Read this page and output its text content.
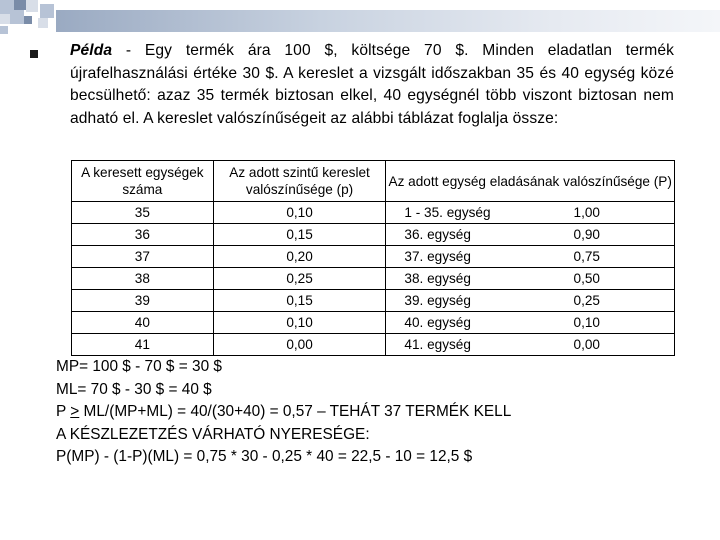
Példa - Egy termék ára 100 $, költsége 70 $. Minden eladatlan termék újrafelhasználási értéke 30 $. A kereslet a vizsgált időszakban 35 és 40 egység közé becsülhető: azaz 35 termék biztosan elkel, 40 egységnél több viszont biztosan nem adható el. A kereslet valószínűségeit az alábbi táblázat foglalja össze:
A keresett egységek száma	Az adott szintű kereslet valószínűsége (p)	Az adott egység eladásának valószínűsége (P)	
35	0,10	1 - 35. egység	1,00
36	0,15	36. egység	0,90
37	0,20	37. egység	0,75
38	0,25	38. egység	0,50
39	0,15	39. egység	0,25
40	0,10	40. egység	0,10
41	0,00	41. egység	0,00
MP= 100 $ - 70 $ = 30 $
ML= 70 $ - 30 $ = 40 $
P > ML/(MP+ML) = 40/(30+40) = 0,57 – TEHÁT 37 TERMÉK KELL
A KÉSZLEZETZÉS VÁRHATÓ NYERESÉGE:
P(MP) - (1-P)(ML) = 0,75 * 30 - 0,25 * 40 = 22,5 - 10 = 12,5 $
